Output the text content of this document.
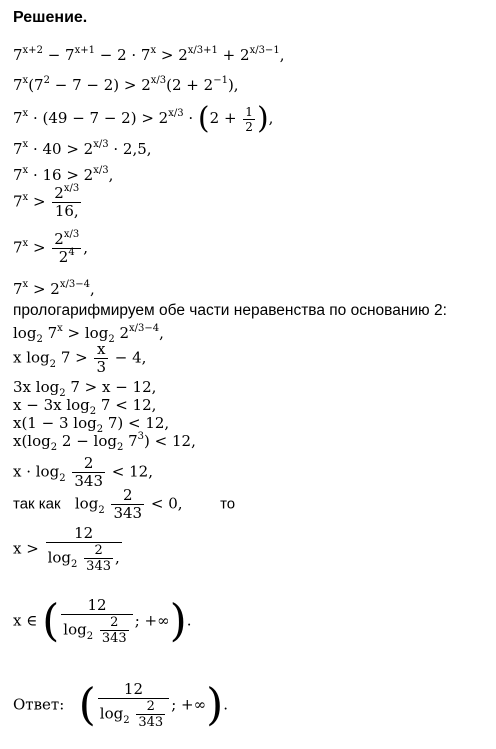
Решение.
$7^{x+2} - 7^{x+1} - 2 \cdot 7^x > 2^{x/3+1} + 2^{x/3-1}$,
$7^x(7^2 - 7 - 2) > 2^{x/3}(2 + 2^{-1})$,
$7^x \cdot (49 - 7 - 2) > 2^{x/3} \cdot (2 + \frac{1}{2}$ ),
$7^x \cdot 40 > 2^{x/3} \cdot 2,5$,
$7^x \cdot 16 > 2^{x/3}$,
$7^x > \frac{2^{x/3}}{16,}$
$7^x > \frac{2^{x/3}}{2^4}$ ,
$7^x > 2^{x/3-4}$,
прологарифмируем обе части неравенства по основанию 2:
$\log_2 7^x > \log_2 2^{x/3-4}$,
x $\log_2 7 > \frac{x}{3} - 4$,
3x $\log_2 7 > x - 12$,
x − 3x $\log_2 7 < 12$,
x(1 − 3 $\log_2 7) < 12$,
$x(\log_2$ $2 - \log_2 7^3) < 12$,
$x \cdot \log_2 \frac{2}{343} < 12$,
так как   $\log_2 \frac{2}{343} < 0$,  то
$x > \frac{12}{\log_2 \frac{2}{343} ,}$
x ∈ ( $\frac{12}{\log_2 \frac{2}{343}}$ ; +∞).
Ответ: ( $\frac{12}{\log_2 \frac{2}{343}}$ ; +∞).
